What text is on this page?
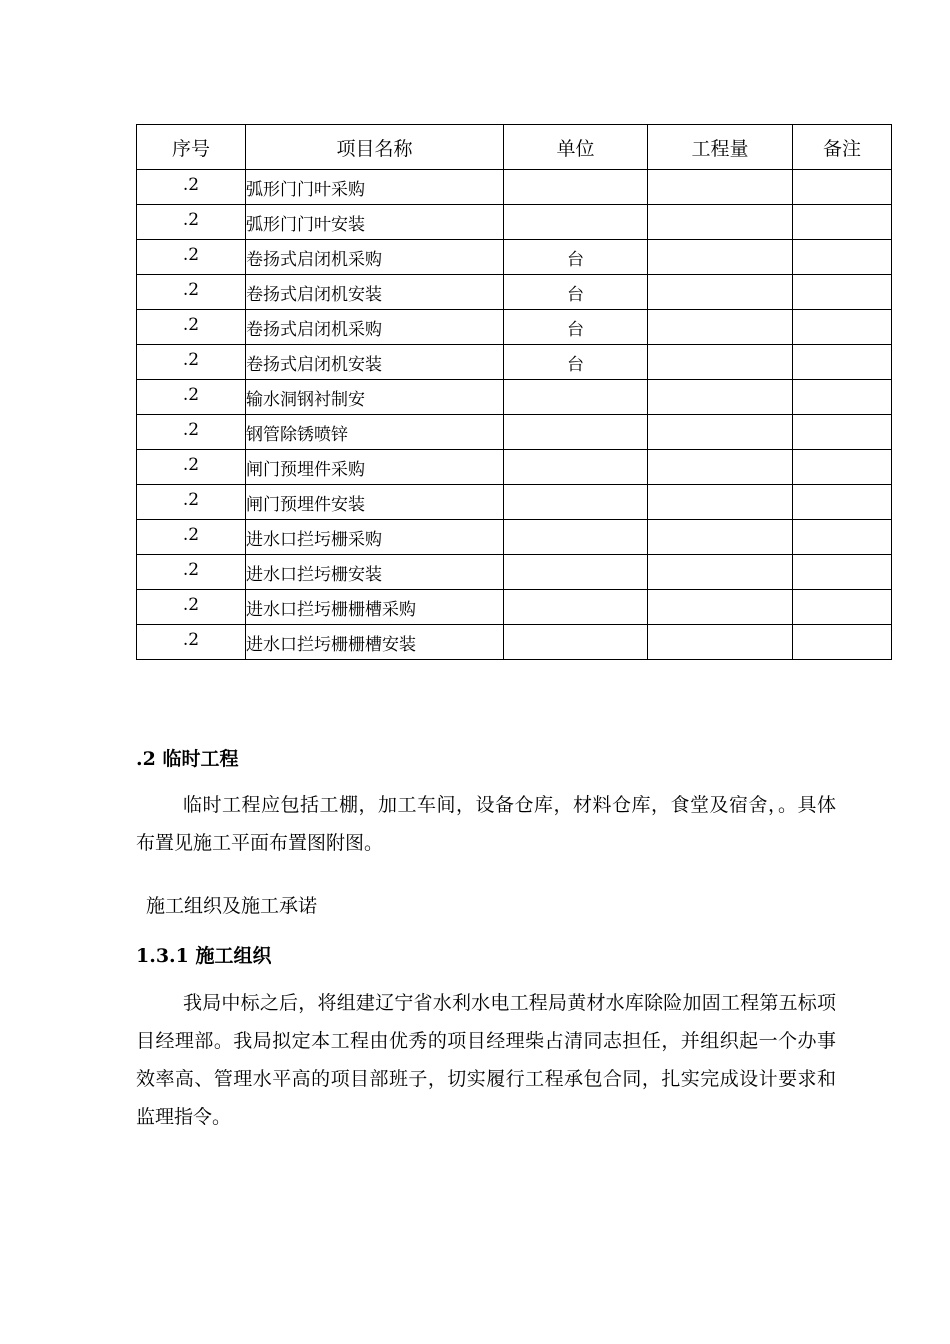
序号	项目名称	单位	工程量	备注
.2	弧形门门叶采购			
.2	弧形门门叶安装			
.2	卷扬式启闭机采购	台		
.2	卷扬式启闭机安装	台		
.2	卷扬式启闭机采购	台		
.2	卷扬式启闭机安装	台		
.2	输水洞钢衬制安			
.2	钢管除锈喷锌			
.2	闸门预埋件采购			
.2	闸门预埋件安装			
.2	进水口拦圬栅采购			
.2	进水口拦圬栅安装			
.2	进水口拦圬栅栅槽采购			
.2	进水口拦圬栅栅槽安装			
.2 临时工程

临时工程应包括工棚，加工车间，设备仓库，材料仓库，食堂及宿舍，。具体布置见施工平面布置图附图。

施工组织及施工承诺
1.3.1 施工组织

我局中标之后，将组建辽宁省水利水电工程局黄材水库除险加固工程第五标项目经理部。我局拟定本工程由优秀的项目经理柴占清同志担任，并组织起一个办事效率高、管理水平高的项目部班子，切实履行工程承包合同，扎实完成设计要求和监理指令。
